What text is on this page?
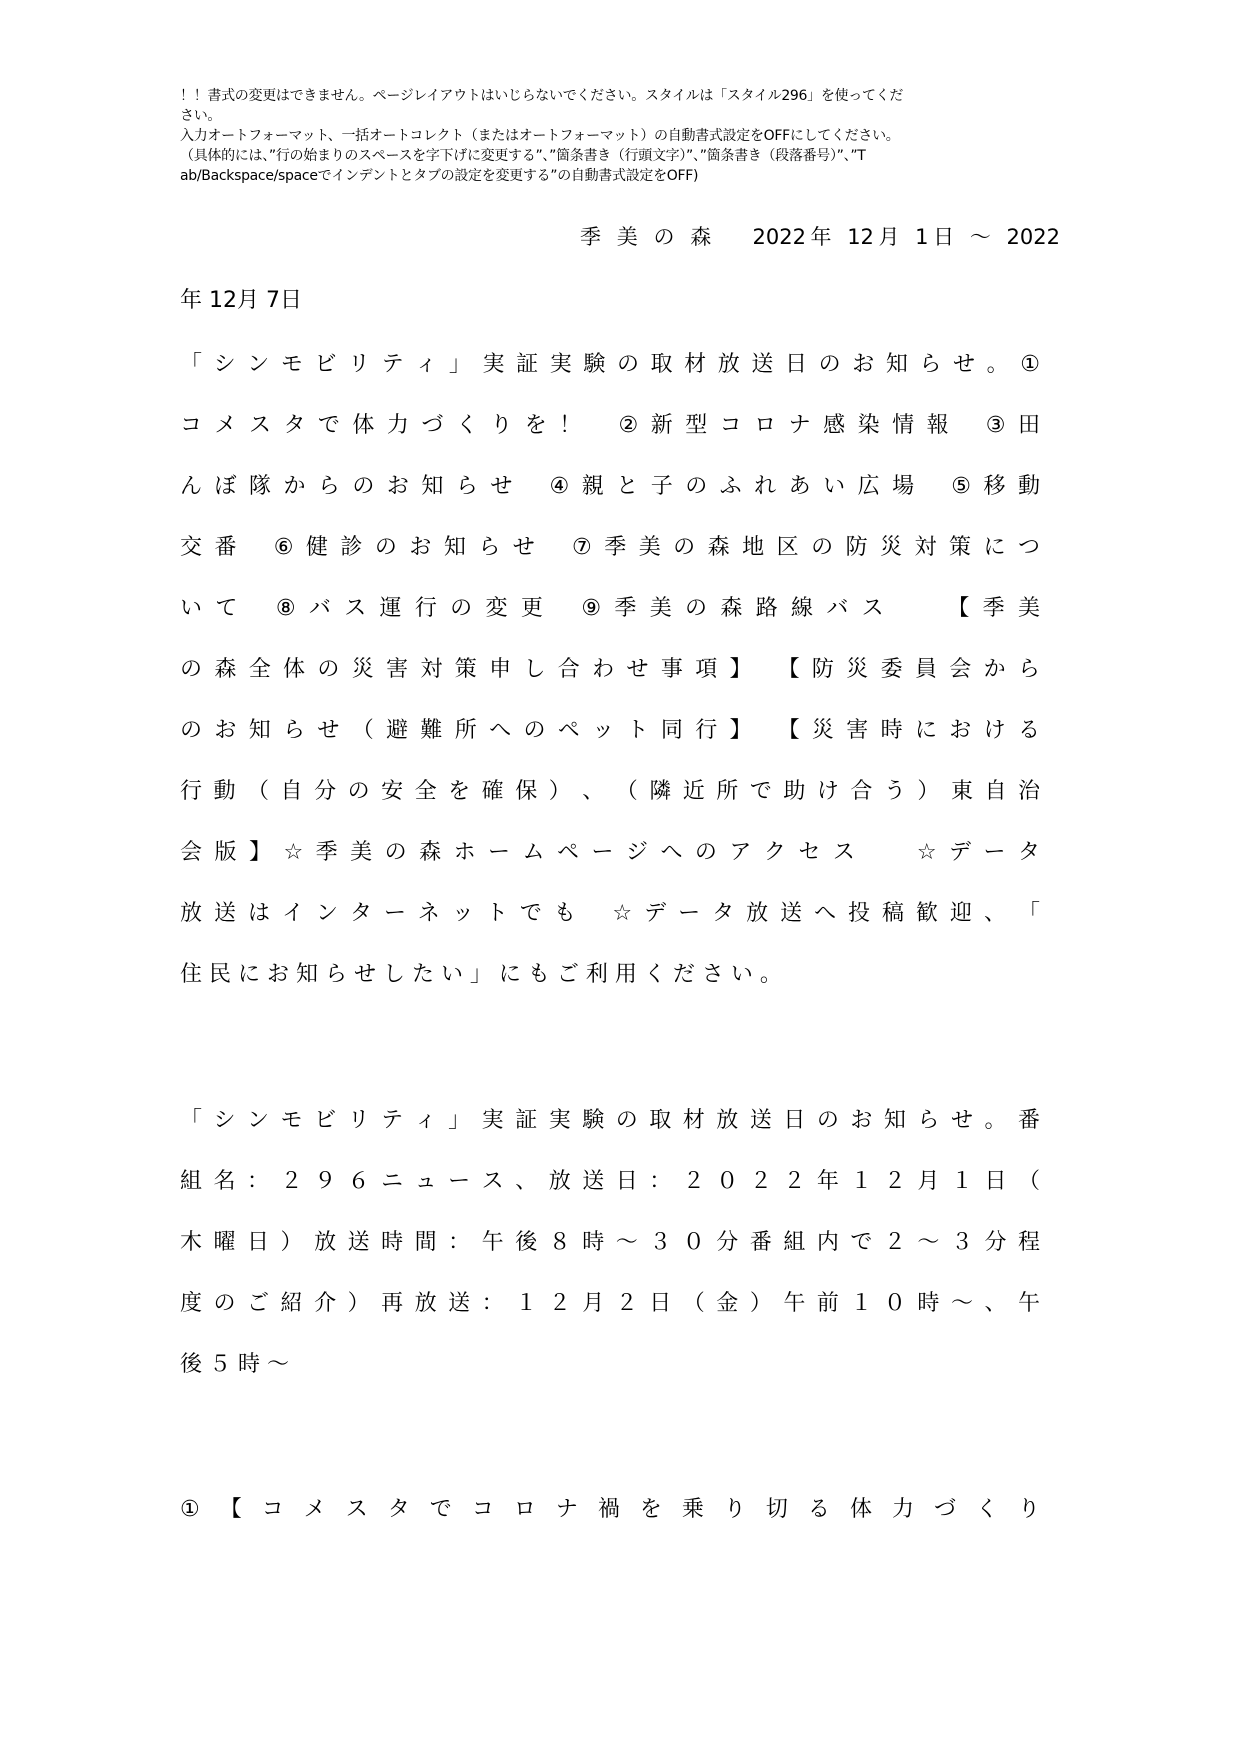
！！書式の変更はできません。ページレイアウトはいじらないでください。スタイルは「スタイル296」を使ってくだ
さい。
入力オートフォーマット、一括オートコレクト（またはオートフォーマット）の自動書式設定をOFFにしてください。
（具体的には、”行の始まりのスペースを字下げに変更する”、”箇条書き（行頭文字）”、”箇条書き（段落番号）”、”T
ab/Backspace/spaceでインデントとタブの設定を変更する”の自動書式設定をOFF)
季 美 の 森　 2022年 12月 1日 ～ 2022
年 12月 7日
「 シ ン モ ビ リ テ ィ 」 実 証 実 験 の 取 材 放 送 日 の お 知 ら せ 。 ①
コ メ ス タ で 体 力 づ く り を ！　 ② 新 型 コ ロ ナ 感 染 情 報　 ③ 田
ん ぼ 隊 か ら の お 知 ら せ　 ④ 親 と 子 の ふ れ あ い 広 場　 ⑤ 移 動
交 番　 ⑥ 健 診 の お 知 ら せ　 ⑦ 季 美 の 森 地 区 の 防 災 対 策 に つ
い て　 ⑧ バ ス 運 行 の 変 更　 ⑨ 季 美 の 森 路 線 バ ス　　 【 季 美
の 森 全 体 の 災 害 対 策 申 し 合 わ せ 事 項 】　 【 防 災 委 員 会 か ら
の お 知 ら せ （ 避 難 所 へ の ペ ッ ト 同 行 】　 【 災 害 時 に お け る
行 動 （ 自 分 の 安 全 を 確 保 ） 、 （ 隣 近 所 で 助 け 合 う ） 東 自 治
会 版 】 ☆ 季 美 の 森 ホ ー ム ペ ー ジ へ の ア ク セ ス　　 ☆ デ ー タ
放 送 は イ ン タ ー ネ ッ ト で も　 ☆ デ ー タ 放 送 へ 投 稿 歓 迎 、 「
住 民 に お 知 ら せ し た い 」 に も ご 利 用 く だ さ い 。
「 シ ン モ ビ リ テ ィ 」 実 証 実 験 の 取 材 放 送 日 の お 知 ら せ 。 番
組 名 ： ２ ９ ６ ニ ュ ー ス 、 放 送 日 ： ２ ０ ２ ２ 年 １ ２ 月 １ 日 （
木 曜 日 ） 放 送 時 間 ： 午 後 ８ 時 ～ ３ ０ 分 番 組 内 で ２ ～ ３ 分 程
度 の ご 紹 介 ） 再 放 送 ： １ ２ 月 ２ 日 （ 金 ） 午 前 １ ０ 時 ～ 、 午
後 ５ 時 ～
① 【 コ メ ス タ で コ ロ ナ 禍 を 乗 り 切 る 体 力 づ く り
